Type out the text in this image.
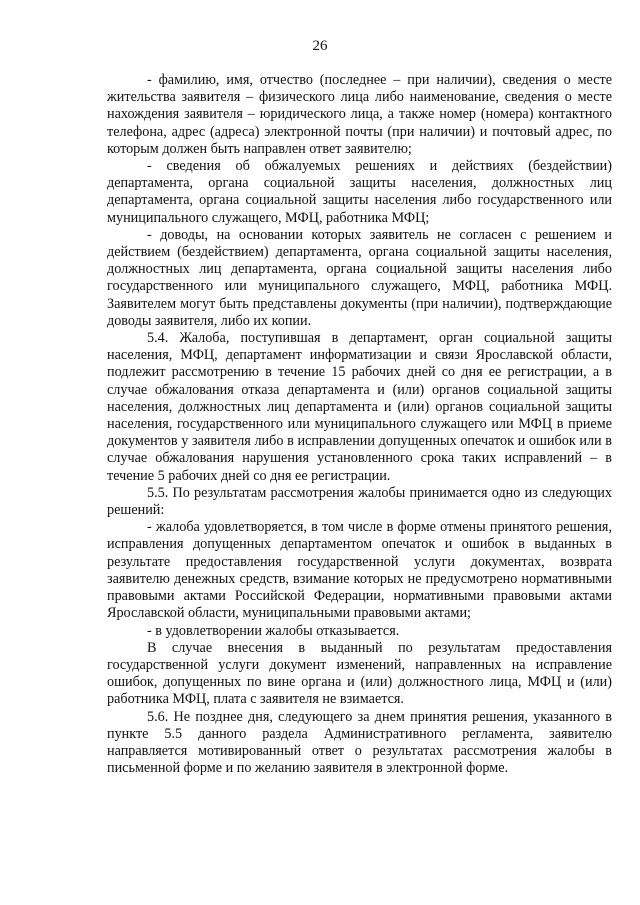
26

- фамилию, имя, отчество (последнее – при наличии), сведения о месте жительства заявителя – физического лица либо наименование, сведения о месте нахождения заявителя – юридического лица, а также номер (номера) контактного телефона, адрес (адреса) электронной почты (при наличии) и почтовый адрес, по которым должен быть направлен ответ заявителю;

- сведения об обжалуемых решениях и действиях (бездействии) департамента, органа социальной защиты населения, должностных лиц департамента, органа социальной защиты населения либо государственного или муниципального служащего, МФЦ, работника МФЦ;

- доводы, на основании которых заявитель не согласен с решением и действием (бездействием) департамента, органа социальной защиты населения, должностных лиц департамента, органа социальной защиты населения либо государственного или муниципального служащего, МФЦ, работника МФЦ. Заявителем могут быть представлены документы (при наличии), подтверждающие доводы заявителя, либо их копии.

5.4. Жалоба, поступившая в департамент, орган социальной защиты населения, МФЦ, департамент информатизации и связи Ярославской области, подлежит рассмотрению в течение 15 рабочих дней со дня ее регистрации, а в случае обжалования отказа департамента и (или) органов социальной защиты населения, должностных лиц департамента и (или) органов социальной защиты населения, государственного или муниципального служащего или МФЦ в приеме документов у заявителя либо в исправлении допущенных опечаток и ошибок или в случае обжалования нарушения установленного срока таких исправлений – в течение 5 рабочих дней со дня ее регистрации.

5.5. По результатам рассмотрения жалобы принимается одно из следующих решений:

- жалоба удовлетворяется, в том числе в форме отмены принятого решения, исправления допущенных департаментом опечаток и ошибок в выданных в результате предоставления государственной услуги документах, возврата заявителю денежных средств, взимание которых не предусмотрено нормативными правовыми актами Российской Федерации, нормативными правовыми актами Ярославской области, муниципальными правовыми актами;

- в удовлетворении жалобы отказывается.

В случае внесения в выданный по результатам предоставления государственной услуги документ изменений, направленных на исправление ошибок, допущенных по вине органа и (или) должностного лица, МФЦ и (или) работника МФЦ, плата с заявителя не взимается.

5.6. Не позднее дня, следующего за днем принятия решения, указанного в пункте 5.5 данного раздела Административного регламента, заявителю направляется мотивированный ответ о результатах рассмотрения жалобы в письменной форме и по желанию заявителя в электронной форме.
